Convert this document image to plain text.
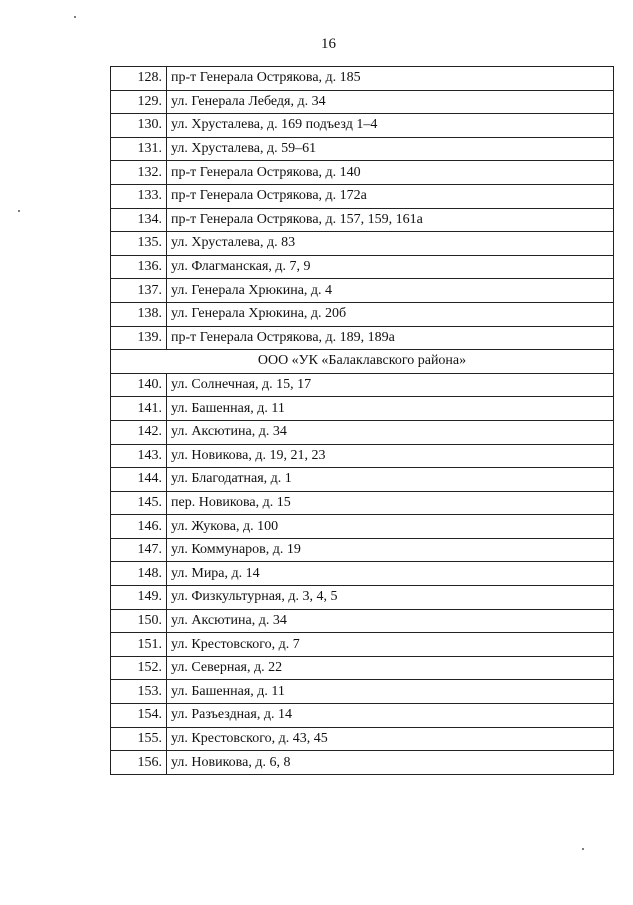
16
128.	пр-т Генерала Острякова, д. 185
129.	ул. Генерала Лебедя, д. 34
130.	ул. Хрусталева, д. 169 подъезд 1–4
131.	ул. Хрусталева, д. 59–61
132.	пр-т Генерала Острякова, д. 140
133.	пр-т Генерала Острякова, д. 172а
134.	пр-т Генерала Острякова, д. 157, 159, 161а
135.	ул. Хрусталева, д. 83
136.	ул. Флагманская, д. 7, 9
137.	ул. Генерала Хрюкина, д. 4
138.	ул. Генерала Хрюкина, д. 20б
139.	пр-т Генерала Острякова, д. 189, 189а
ООО «УК «Балаклавского района»	
140.	ул. Солнечная, д. 15, 17
141.	ул. Башенная, д. 11
142.	ул. Аксютина, д. 34
143.	ул. Новикова, д. 19, 21, 23
144.	ул. Благодатная, д. 1
145.	пер. Новикова, д. 15
146.	ул. Жукова, д. 100
147.	ул. Коммунаров, д. 19
148.	ул. Мира, д. 14
149.	ул. Физкультурная, д. 3, 4, 5
150.	ул. Аксютина, д. 34
151.	ул. Крестовского, д. 7
152.	ул. Северная, д. 22
153.	ул. Башенная, д. 11
154.	ул. Разъездная, д. 14
155.	ул. Крестовского, д. 43, 45
156.	ул. Новикова, д. 6, 8
